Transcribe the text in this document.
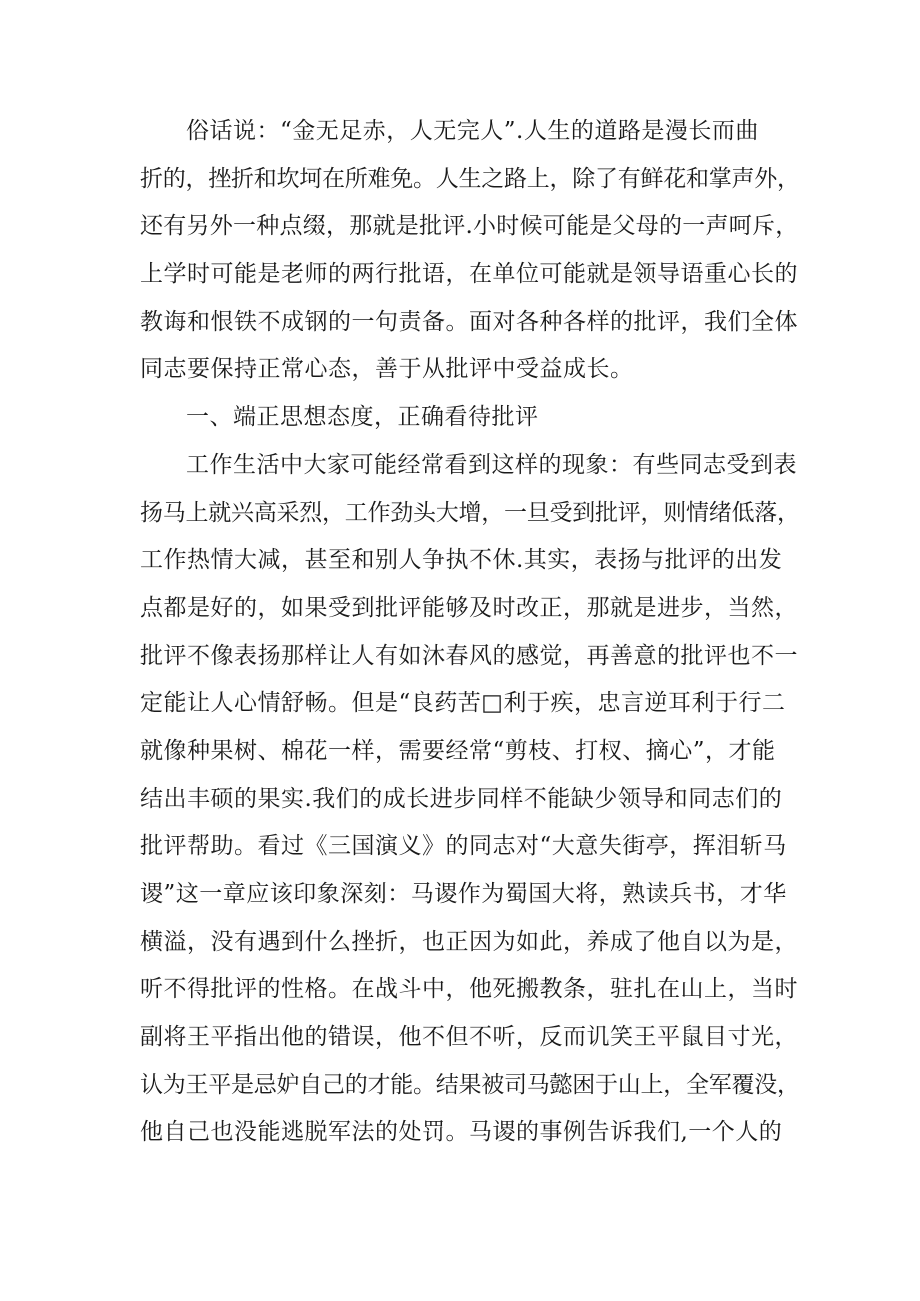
俗话说：“金无足赤，人无完人”.人生的道路是漫长而曲
折的，挫折和坎坷在所难免。人生之路上，除了有鲜花和掌声外，
还有另外一种点缀，那就是批评.小时候可能是父母的一声呵斥，
上学时可能是老师的两行批语，在单位可能就是领导语重心长的
教诲和恨铁不成钢的一句责备。面对各种各样的批评，我们全体
同志要保持正常心态，善于从批评中受益成长。
一、端正思想态度，正确看待批评
工作生活中大家可能经常看到这样的现象：有些同志受到表
扬马上就兴高采烈，工作劲头大增，一旦受到批评，则情绪低落，
工作热情大减，甚至和别人争执不休.其实，表扬与批评的出发
点都是好的，如果受到批评能够及时改正，那就是进步，当然，
批评不像表扬那样让人有如沐春风的感觉，再善意的批评也不一
定能让人心情舒畅。但是“良药苦□利于疾，忠言逆耳利于行二
就像种果树、棉花一样，需要经常“剪枝、打杈、摘心”，才能
结出丰硕的果实.我们的成长进步同样不能缺少领导和同志们的
批评帮助。看过《三国演义》的同志对“大意失街亭，挥泪斩马
谡”这一章应该印象深刻：马谡作为蜀国大将，熟读兵书，才华
横溢，没有遇到什么挫折，也正因为如此，养成了他自以为是，
听不得批评的性格。在战斗中，他死搬教条，驻扎在山上，当时
副将王平指出他的错误，他不但不听，反而讥笑王平鼠目寸光，
认为王平是忌妒自己的才能。结果被司马懿困于山上，全军覆没，
他自己也没能逃脱军法的处罚。马谡的事例告诉我们,一个人的
